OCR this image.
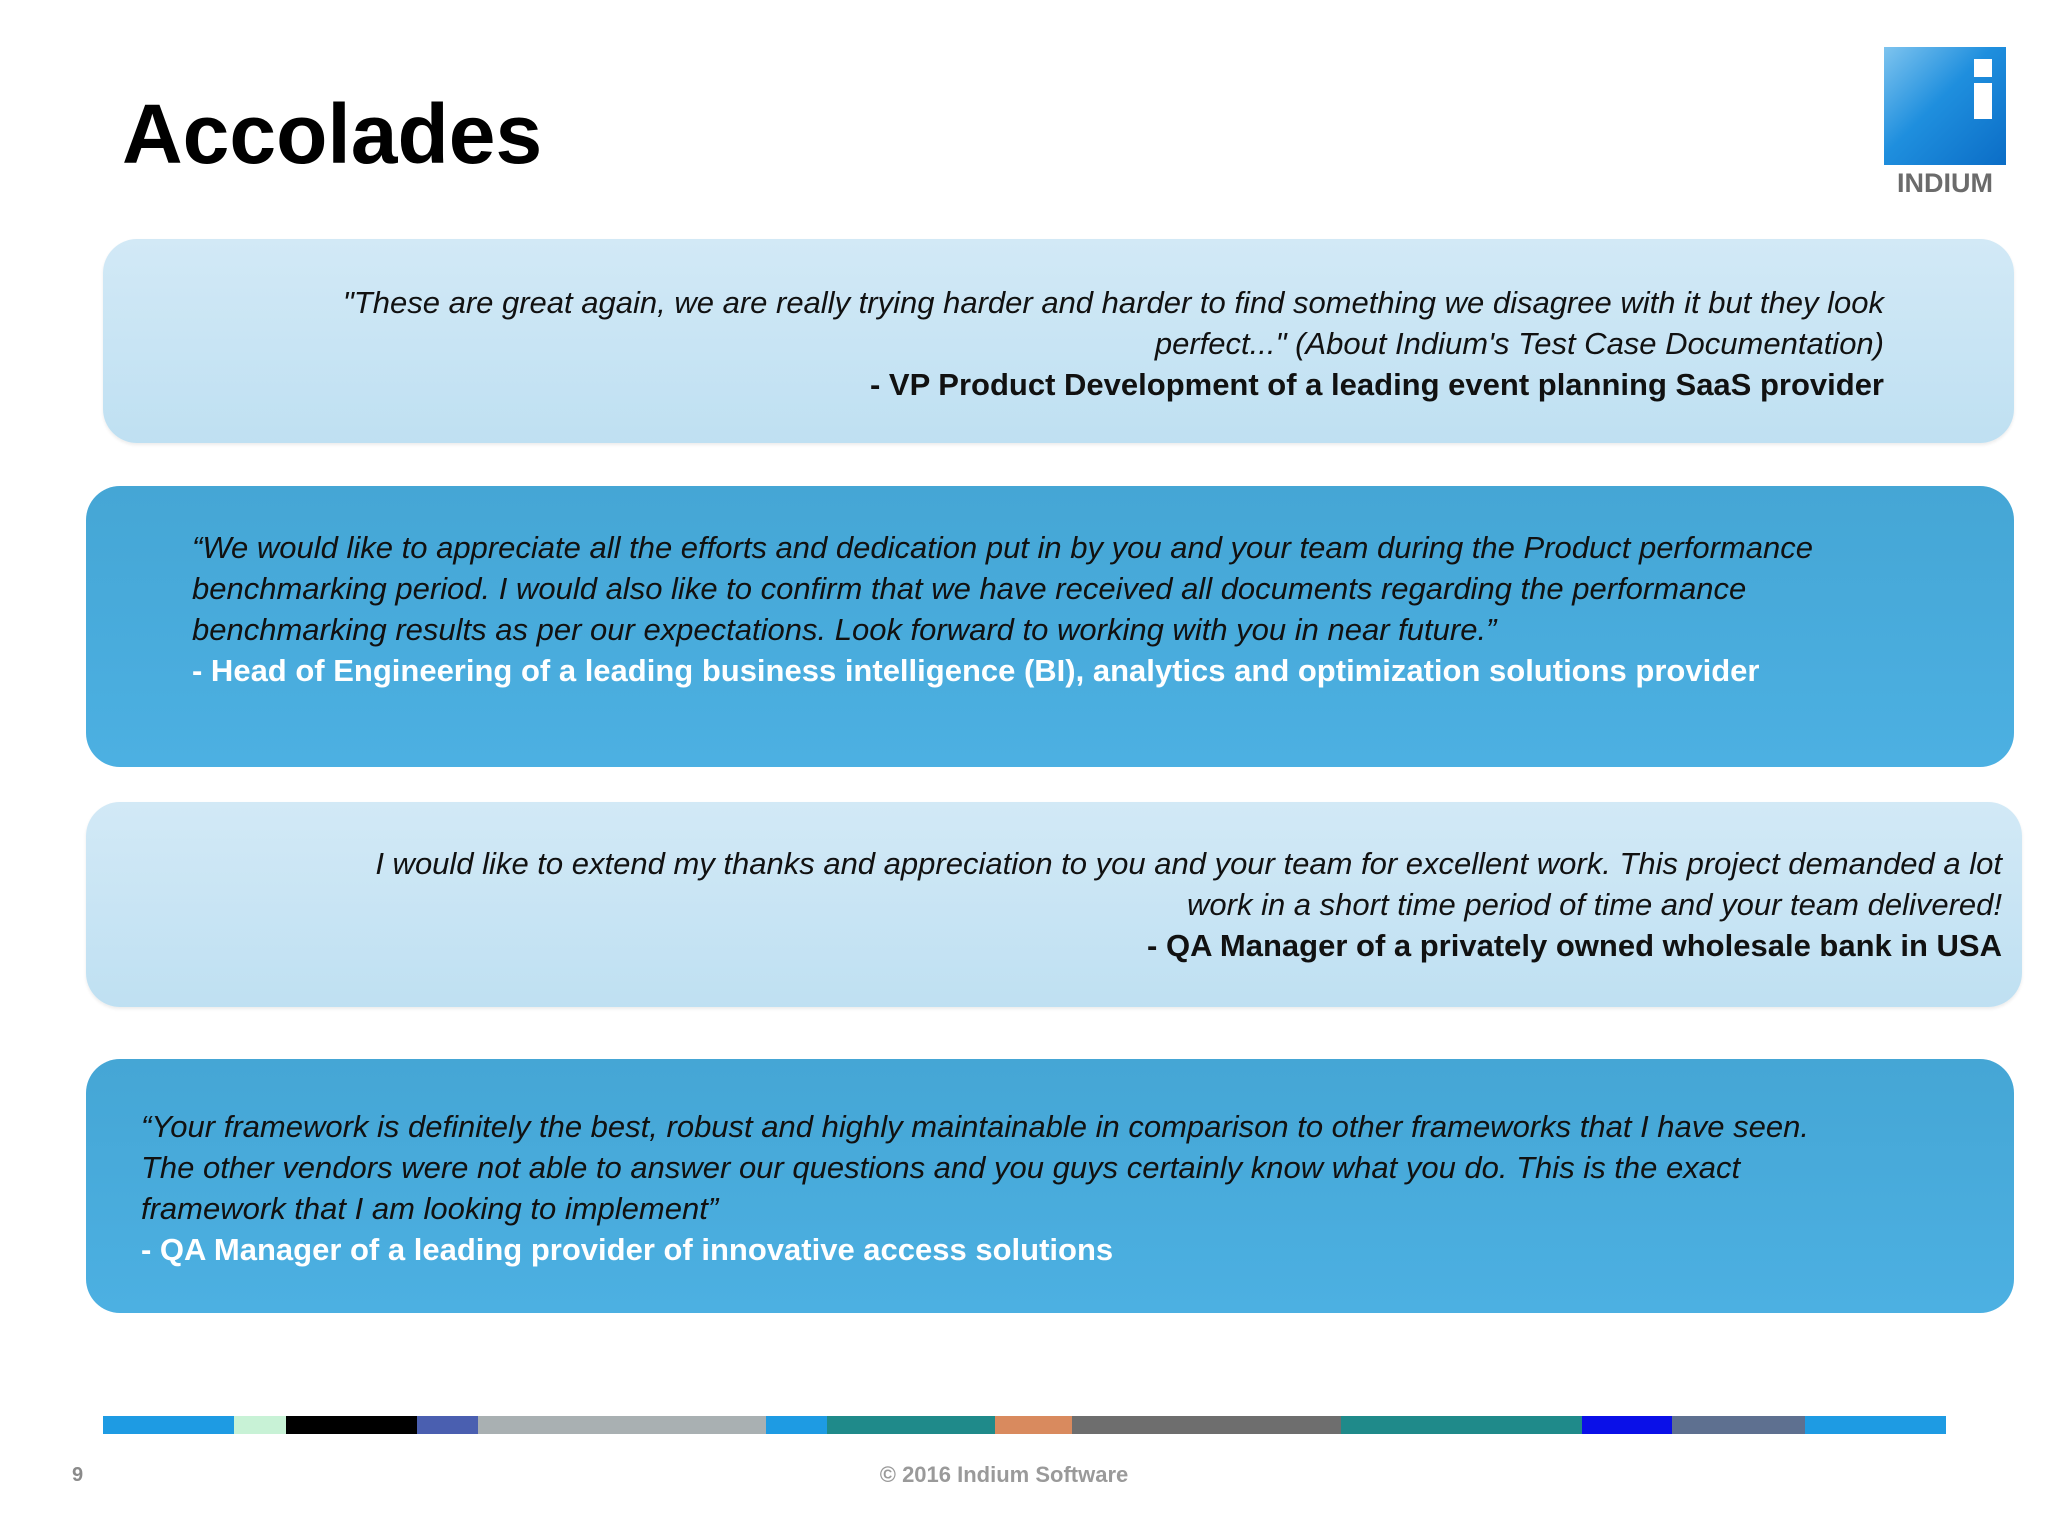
Accolades
INDIUM
"These are great again, we are really trying harder and harder to find something we disagree with it but they look
perfect..." (About Indium's Test Case Documentation)
- VP Product Development of a leading event planning SaaS provider
“We would like to appreciate all the efforts and dedication put in by you and your team during the Product performance
benchmarking period. I would also like to confirm that we have received all documents regarding the performance
benchmarking results as per our expectations. Look forward to working with you in near future.”
- Head of Engineering of a leading business intelligence (BI), analytics and optimization solutions provider
I would like to extend my thanks and appreciation to you and your team for excellent work. This project demanded a lot
work in a short time period of time and your team delivered!
- QA Manager of a privately owned wholesale bank in USA
“Your framework is definitely the best, robust and highly maintainable in comparison to other frameworks that I have seen.
The other vendors were not able to answer our questions and you guys certainly know what you do. This is the exact
framework that I am looking to implement”
- QA Manager of a leading provider of innovative access solutions
9	© 2016 Indium Software
